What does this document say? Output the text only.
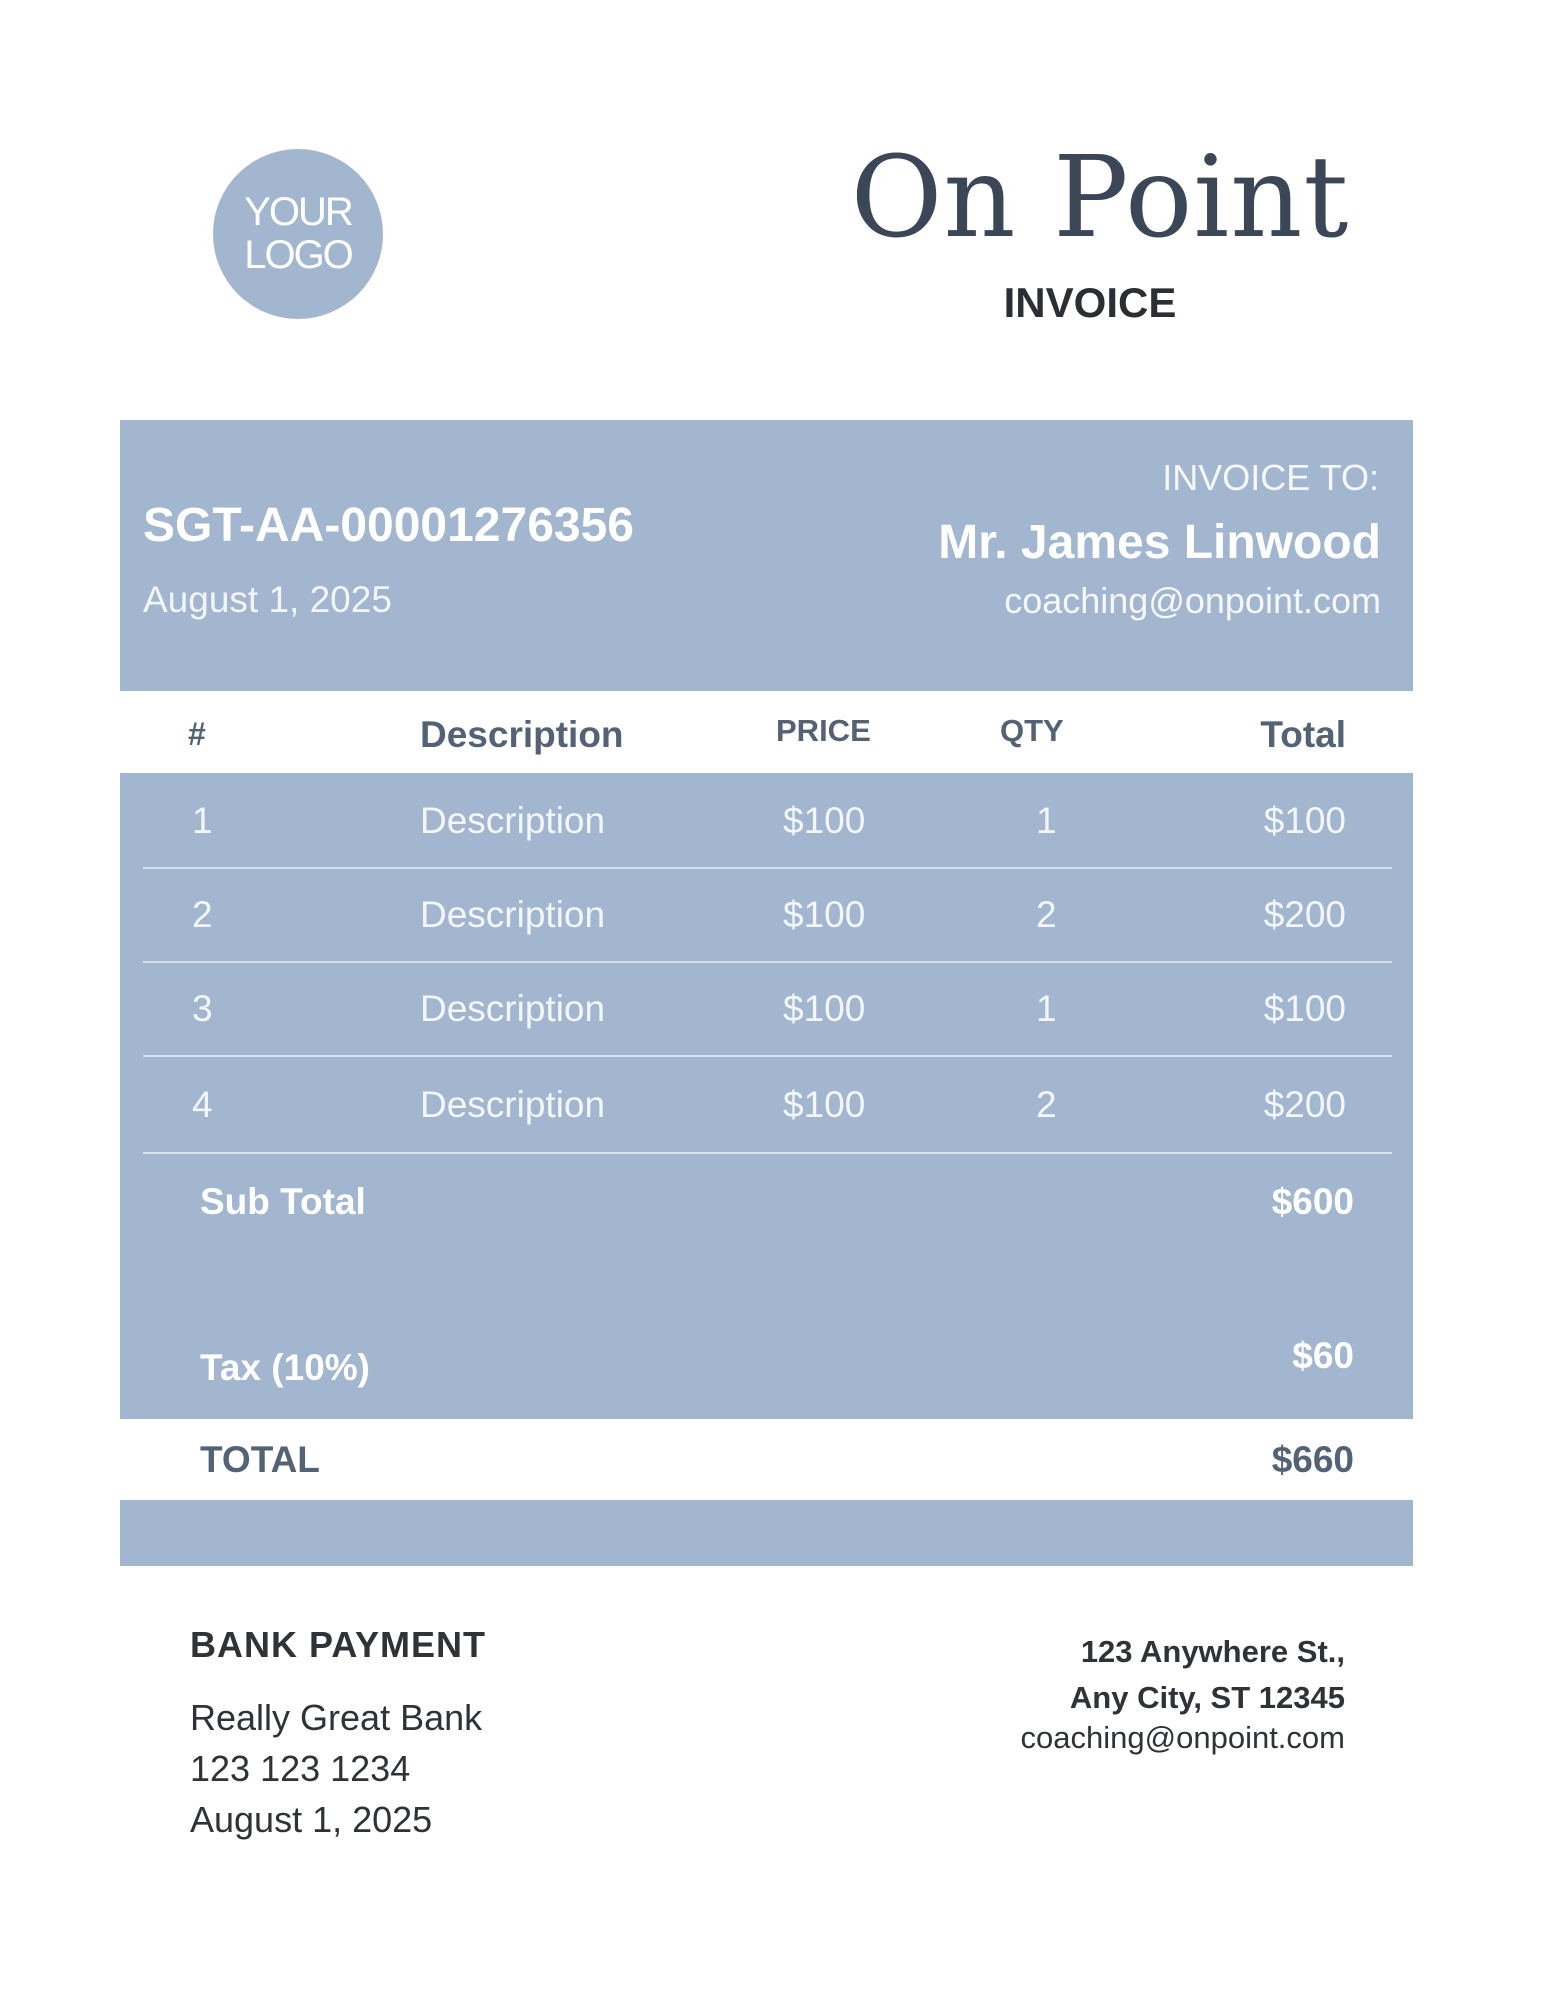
YOUR
LOGO	On Point
INVOICE
SGT-AA-00001276356
August 1, 2025
INVOICE TO:
Mr. James Linwood
coaching@onpoint.com
#	Description	PRICE	QTY	Total
1	Description	$100	1	$100
2	Description	$100	2	$200
3	Description	$100	1	$100
4	Description	$100	2	$200
Sub Total	$600
Tax (10%)	$60
TOTAL	$660
BANK PAYMENT
Really Great Bank
123 123 1234
August 1, 2025
123 Anywhere St.,
Any City, ST 12345
coaching@onpoint.com
